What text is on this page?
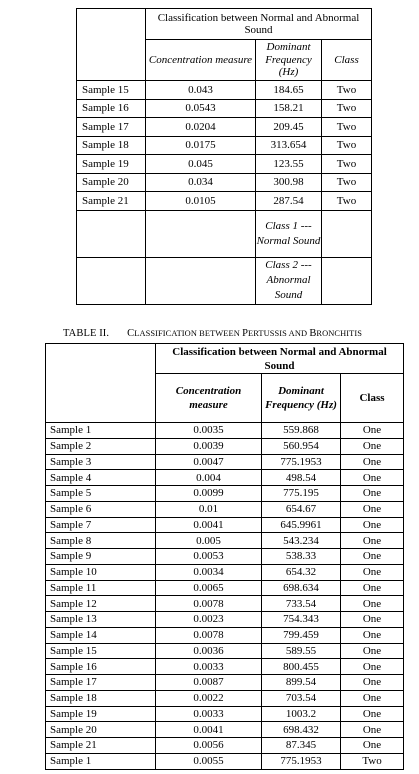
	Classification between Normal and Abnormal Sound		
	Concentration measure	Dominant Frequency (Hz)	Class
Sample 15	0.043	184.65	Two
Sample 16	0.0543	158.21	Two
Sample 17	0.0204	209.45	Two
Sample 18	0.0175	313.654	Two
Sample 19	0.045	123.55	Two
Sample 20	0.034	300.98	Two
Sample 21	0.0105	287.54	Two
		Class 1 --- Normal Sound	
		Class 2 --- Abnormal Sound	
TABLE II. CLASSIFICATION BETWEEN PERTUSSIS AND BRONCHITIS
	Classification between Normal and Abnormal Sound		
	Concentration measure	Dominant Frequency (Hz)	Class
Sample 1	0.0035	559.868	One
Sample 2	0.0039	560.954	One
Sample 3	0.0047	775.1953	One
Sample 4	0.004	498.54	One
Sample 5	0.0099	775.195	One
Sample 6	0.01	654.67	One
Sample 7	0.0041	645.9961	One
Sample 8	0.005	543.234	One
Sample 9	0.0053	538.33	One
Sample 10	0.0034	654.32	One
Sample 11	0.0065	698.634	One
Sample 12	0.0078	733.54	One
Sample 13	0.0023	754.343	One
Sample 14	0.0078	799.459	One
Sample 15	0.0036	589.55	One
Sample 16	0.0033	800.455	One
Sample 17	0.0087	899.54	One
Sample 18	0.0022	703.54	One
Sample 19	0.0033	1003.2	One
Sample 20	0.0041	698.432	One
Sample 21	0.0056	87.345	One
Sample 1	0.0055	775.1953	Two
